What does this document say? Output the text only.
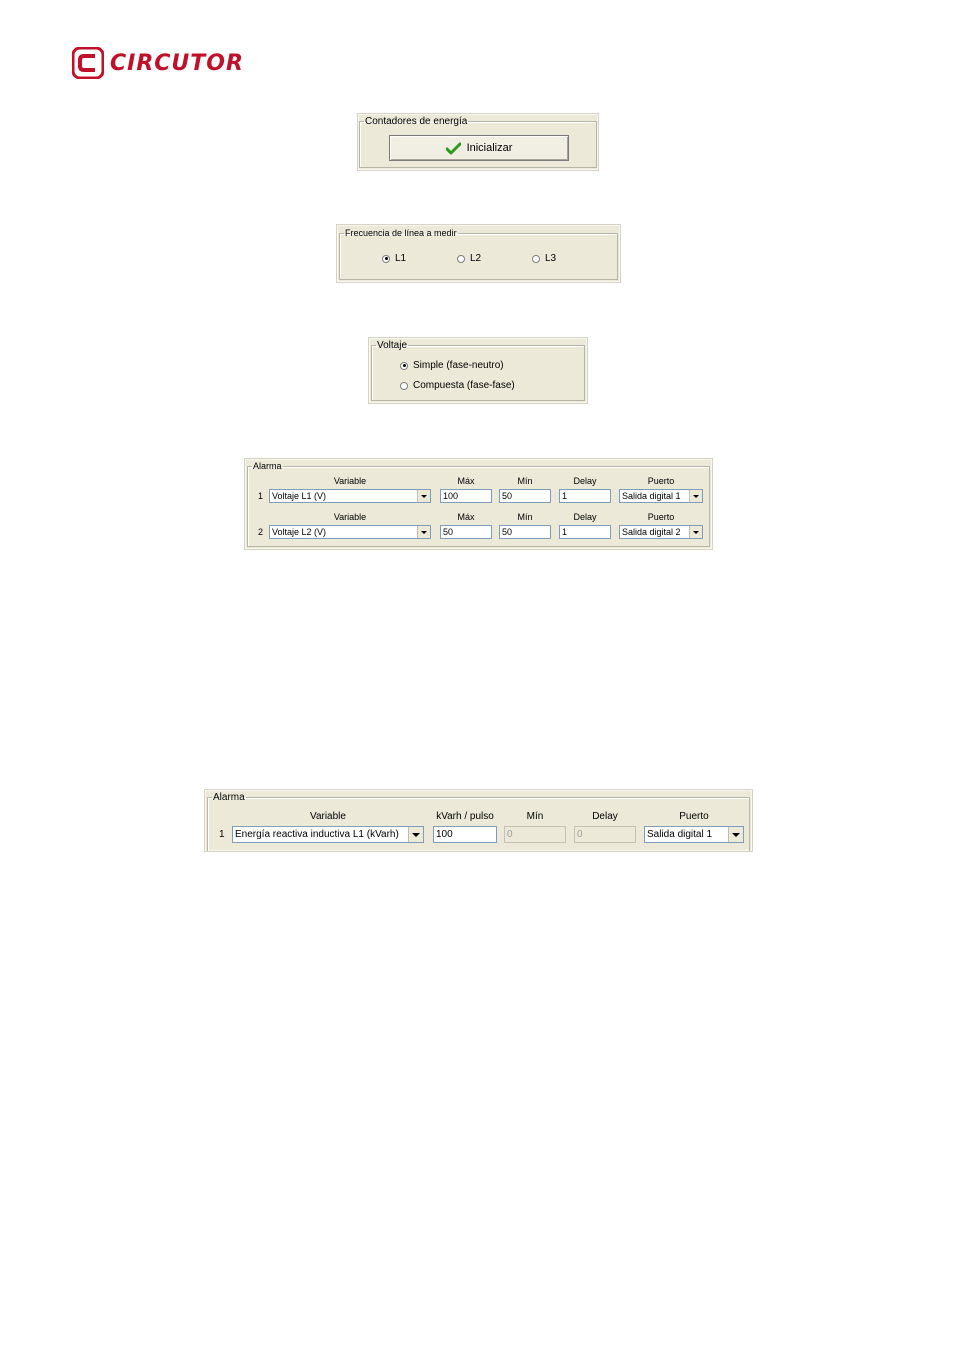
CIRCUTOR
Contadores de energía
Inicializar
Frecuencia de línea a medir
L1	L2	L3
Voltaje
Simple (fase-neutro)
Compuesta (fase-fase)
Alarma
Variable	Máx	Mín	Delay	Puerto
1 Voltaje L1 (V)	100	50	1	Salida digital 1
Variable	Máx	Mín	Delay	Puerto
2 Voltaje L2 (V)	50	50	1	Salida digital 2
Alarma
Variable	kVarh / pulso	Mín	Delay	Puerto
1	Energía reactiva inductiva L1 (kVarh)	100	0	0	Salida digital 1
